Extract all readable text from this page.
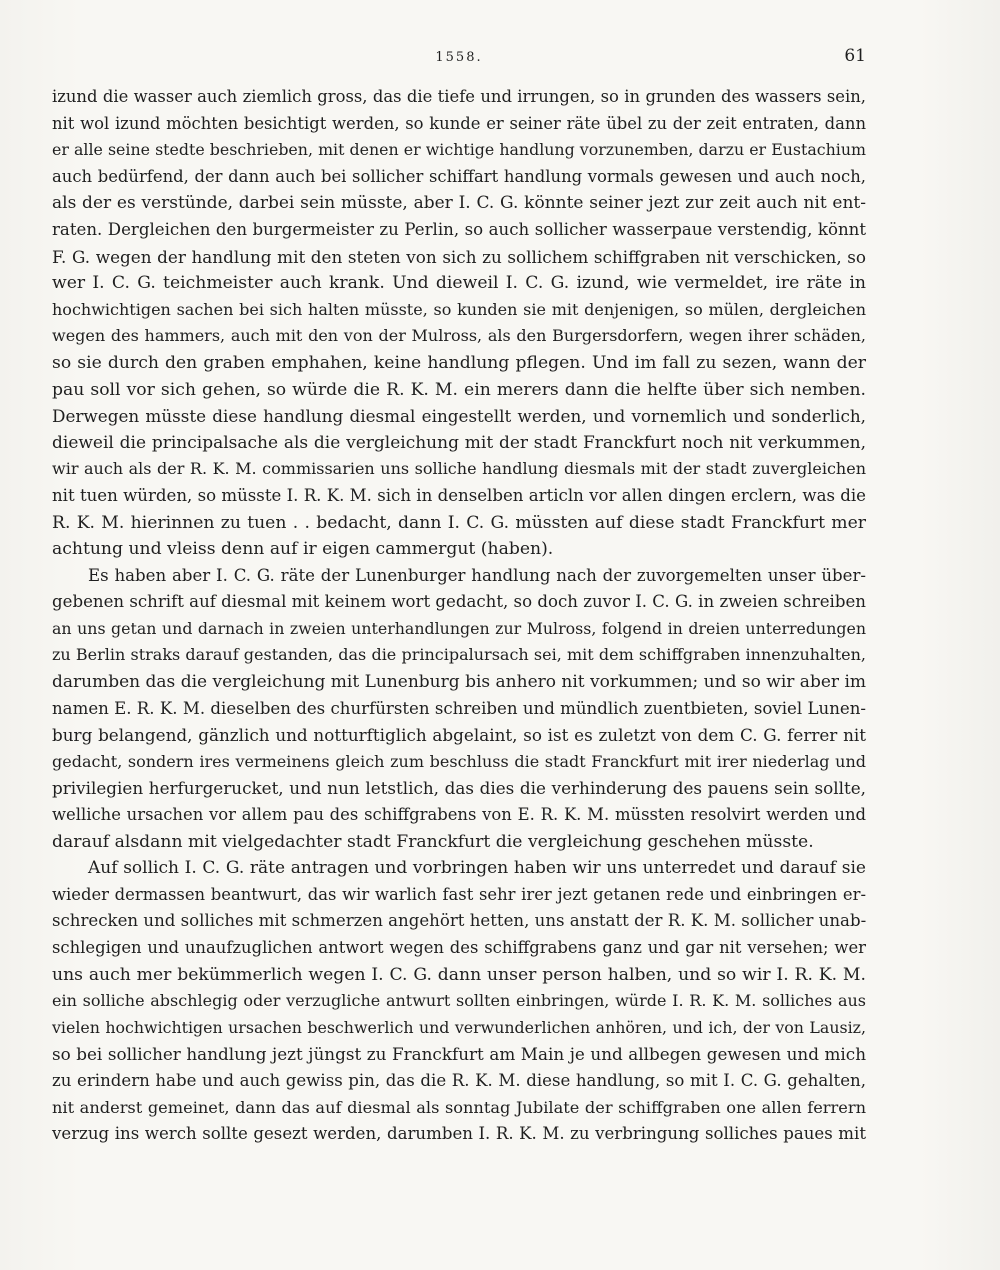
1558.	61
izund die wasser auch ziemlich gross, das die tiefe und irrungen, so in grunden des wassers sein,
nit wol izund möchten besichtigt werden, so kunde er seiner räte übel zu der zeit entraten, dann
er alle seine stedte beschrieben, mit denen er wichtige handlung vorzunemben, darzu er Eustachium
auch bedürfend, der dann auch bei sollicher schiffart handlung vormals gewesen und auch noch,
als der es verstünde, darbei sein müsste, aber I. C. G. könnte seiner jezt zur zeit auch nit ent-
raten. Dergleichen den burgermeister zu Perlin, so auch sollicher wasserpaue verstendig, könnt
F. G. wegen der handlung mit den steten von sich zu sollichem schiffgraben nit verschicken, so
wer I. C. G. teichmeister auch krank. Und dieweil I. C. G. izund, wie vermeldet, ire räte in
hochwichtigen sachen bei sich halten müsste, so kunden sie mit denjenigen, so mülen, dergleichen
wegen des hammers, auch mit den von der Mulross, als den Burgersdorfern, wegen ihrer schäden,
so sie durch den graben emphahen, keine handlung pflegen. Und im fall zu sezen, wann der
pau soll vor sich gehen, so würde die R. K. M. ein merers dann die helfte über sich nemben.
Derwegen müsste diese handlung diesmal eingestellt werden, und vornemlich und sonderlich,
dieweil die principalsache als die vergleichung mit der stadt Franckfurt noch nit verkummen,
wir auch als der R. K. M. commissarien uns solliche handlung diesmals mit der stadt zuvergleichen
nit tuen würden, so müsste I. R. K. M. sich in denselben articln vor allen dingen erclern, was die
R. K. M. hierinnen zu tuen . . bedacht, dann I. C. G. müssten auf diese stadt Franckfurt mer
achtung und vleiss denn auf ir eigen cammergut (haben).
Es haben aber I. C. G. räte der Lunenburger handlung nach der zuvorgemelten unser über-
gebenen schrift auf diesmal mit keinem wort gedacht, so doch zuvor I. C. G. in zweien schreiben
an uns getan und darnach in zweien unterhandlungen zur Mulross, folgend in dreien unterredungen
zu Berlin straks darauf gestanden, das die principalursach sei, mit dem schiffgraben innenzuhalten,
darumben das die vergleichung mit Lunenburg bis anhero nit vorkummen; und so wir aber im
namen E. R. K. M. dieselben des churfürsten schreiben und mündlich zuentbieten, soviel Lunen-
burg belangend, gänzlich und notturftiglich abgelaint, so ist es zuletzt von dem C. G. ferrer nit
gedacht, sondern ires vermeinens gleich zum beschluss die stadt Franckfurt mit irer niederlag und
privilegien herfurgerucket, und nun letstlich, das dies die verhinderung des pauens sein sollte,
welliche ursachen vor allem pau des schiffgrabens von E. R. K. M. müssten resolvirt werden und
darauf alsdann mit vielgedachter stadt Franckfurt die vergleichung geschehen müsste.
Auf sollich I. C. G. räte antragen und vorbringen haben wir uns unterredet und darauf sie
wieder dermassen beantwurt, das wir warlich fast sehr irer jezt getanen rede und einbringen er-
schrecken und solliches mit schmerzen angehört hetten, uns anstatt der R. K. M. sollicher unab-
schlegigen und unaufzuglichen antwort wegen des schiffgrabens ganz und gar nit versehen; wer
uns auch mer bekümmerlich wegen I. C. G. dann unser person halben, und so wir I. R. K. M.
ein solliche abschlegig oder verzugliche antwurt sollten einbringen, würde I. R. K. M. solliches aus
vielen hochwichtigen ursachen beschwerlich und verwunderlichen anhören, und ich, der von Lausiz,
so bei sollicher handlung jezt jüngst zu Franckfurt am Main je und allbegen gewesen und mich
zu erindern habe und auch gewiss pin, das die R. K. M. diese handlung, so mit I. C. G. gehalten,
nit anderst gemeinet, dann das auf diesmal als sonntag Jubilate der schiffgraben one allen ferrern
verzug ins werch sollte gesezt werden, darumben I. R. K. M. zu verbringung solliches paues mit
